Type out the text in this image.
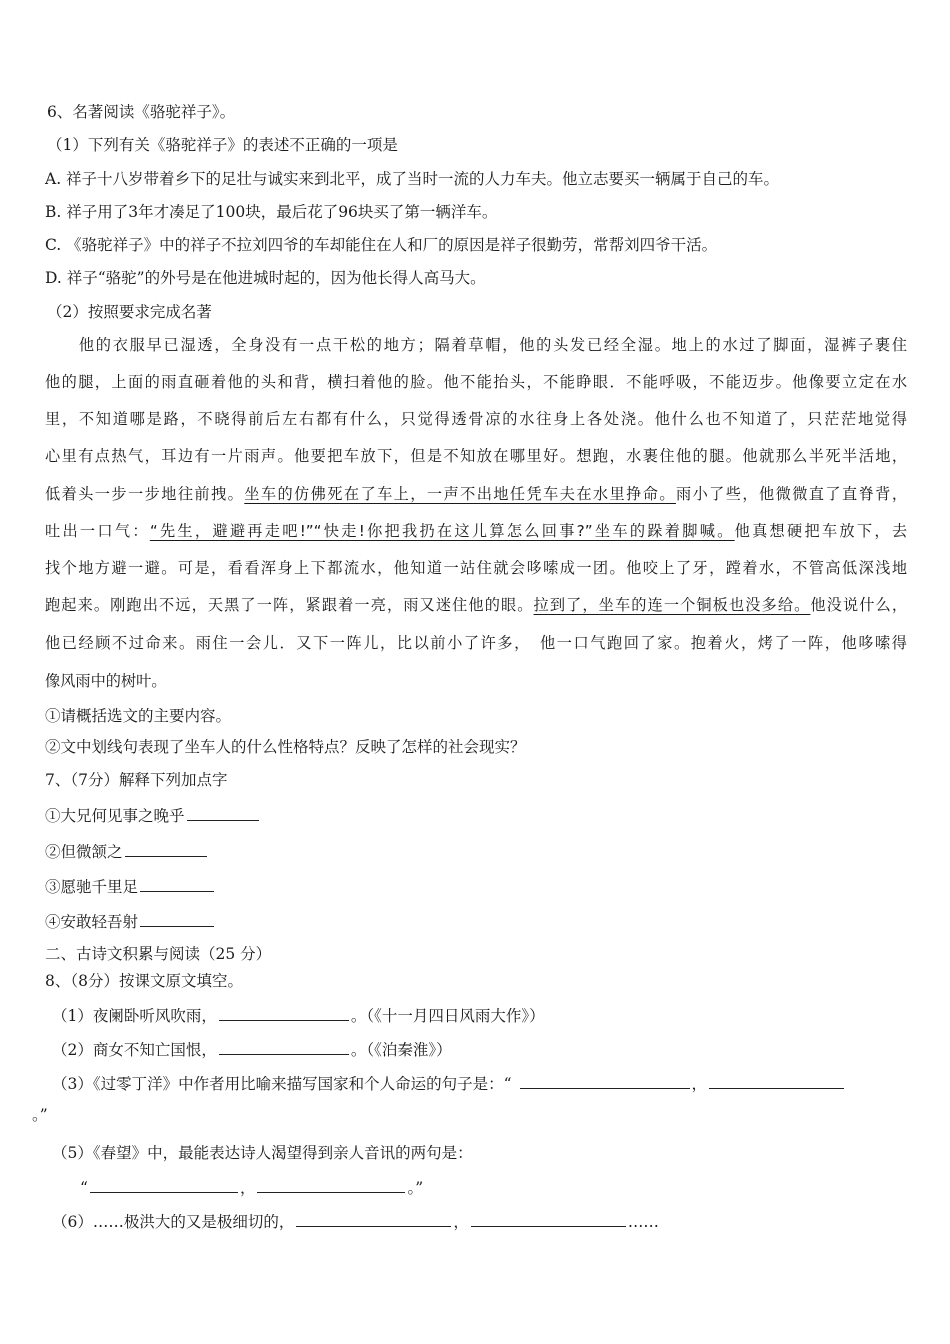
6、名著阅读《骆驼祥子》。
（1）下列有关《骆驼祥子》的表述不正确的一项是
A. 祥子十八岁带着乡下的足壮与诚实来到北平，成了当时一流的人力车夫。他立志要买一辆属于自己的车。
B. 祥子用了3年才凑足了100块，最后花了96块买了第一辆洋车。
C. 《骆驼祥子》中的祥子不拉刘四爷的车却能住在人和厂的原因是祥子很勤劳，常帮刘四爷干活。
D. 祥子“骆驼”的外号是在他进城时起的，因为他长得人高马大。
（2）按照要求完成名著
　　他的衣服早已湿透，全身没有一点干松的地方；隔着草帽，他的头发已经全湿。地上的水过了脚面，湿裤子裹住
他的腿，上面的雨直砸着他的头和背，横扫着他的脸。他不能抬头，不能睁眼．不能呼吸，不能迈步。他像要立定在水
里，不知道哪是路，不晓得前后左右都有什么，只觉得透骨凉的水往身上各处浇。他什么也不知道了，只茫茫地觉得
心里有点热气，耳边有一片雨声。他要把车放下，但是不知放在哪里好。想跑，水裹住他的腿。他就那么半死半活地，
低着头一步一步地往前拽。坐车的仿佛死在了车上，一声不出地任凭车夫在水里挣命。雨小了些，他微微直了直脊背，
吐出一口气：“先生，避避再走吧!”“快走!你把我扔在这儿算怎么回事?”坐车的跺着脚喊。他真想硬把车放下，去
找个地方避一避。可是，看看浑身上下都流水，他知道一站住就会哆嗦成一团。他咬上了牙，蹚着水，不管高低深浅地
跑起来。刚跑出不远，天黑了一阵，紧跟着一亮，雨又迷住他的眼。拉到了，坐车的连一个铜板也没多给。他没说什么，
他已经顾不过命来。雨住一会儿．又下一阵儿，比以前小了许多，　他一口气跑回了家。抱着火，烤了一阵，他哆嗦得
像风雨中的树叶。
①请概括选文的主要内容。
②文中划线句表现了坐车人的什么性格特点？反映了怎样的社会现实？
7、（7分）解释下列加点字
①大兄何见事之晚乎
②但微颔之
③愿驰千里足
④安敢轻吾射
二、古诗文积累与阅读（25 分）
8、（8分）按课文原文填空。
（1）夜阑卧听风吹雨，	。（《十一月四日风雨大作》）
（2）商女不知亡国恨，	。（《泊秦淮》）
（3）《过零丁洋》中作者用比喻来描写国家和个人命运的句子是：“	，
。”
（5）《春望》中，最能表达诗人渴望得到亲人音讯的两句是：
“	，	。”
（6）……极洪大的又是极细切的，	，	……
